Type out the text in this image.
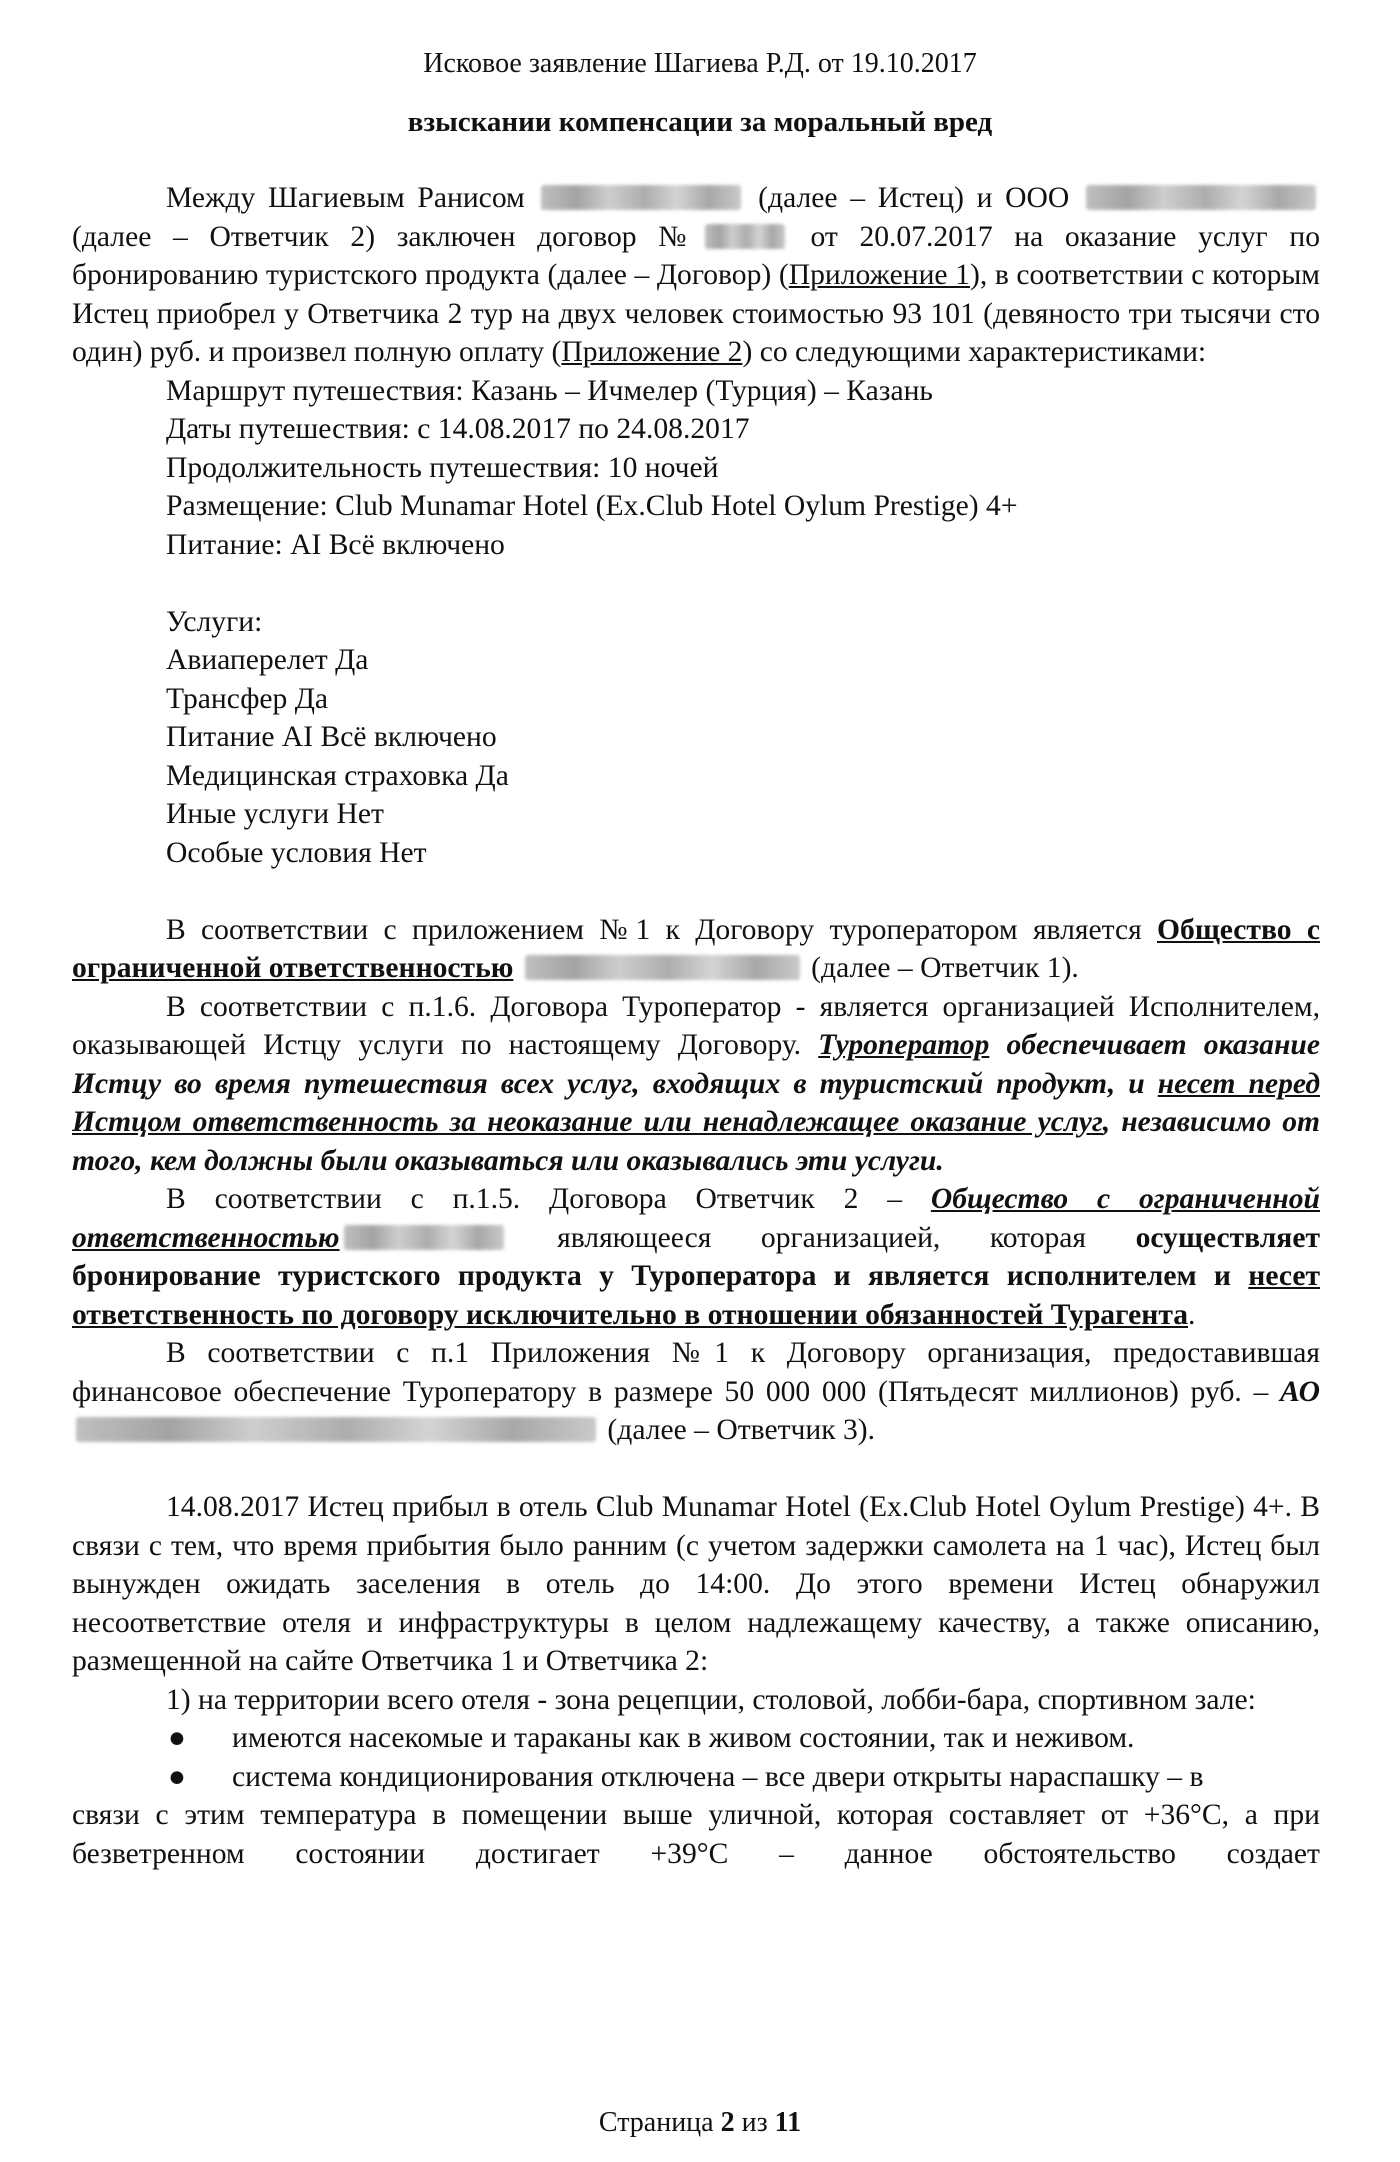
Исковое заявление Шагиева Р.Д. от 19.10.2017
взыскании компенсации за моральный вред

Между Шагиевым Ранисом	(далее – Истец) и ООО  (далее – Ответчик 2) заключен договор №	от 20.07.2017 на оказание услуг по бронированию туристского продукта (далее – Договор) (Приложение 1), в соответствии с которым Истец приобрел у Ответчика 2 тур на двух человек стоимостью 93 101 (девяносто три тысячи сто один) руб. и произвел полную оплату (Приложение 2) со следующими характеристиками:

Маршрут путешествия: Казань – Ичмелер (Турция) – Казань

Даты путешествия: с 14.08.2017 по 24.08.2017

Продолжительность путешествия: 10 ночей

Размещение: Club Munamar Hotel (Ex.Club Hotel Oylum Prestige) 4+

Питание: AI Всё включено

Услуги:

Авиаперелет Да

Трансфер Да

Питание AI Всё включено

Медицинская страховка Да

Иные услуги Нет

Особые условия Нет

В соответствии с приложением №1 к Договору туроператором является Общество с ограниченной ответственностью	(далее – Ответчик 1).

В соответствии с п.1.6. Договора Туроператор - является организацией Исполнителем, оказывающей Истцу услуги по настоящему Договору. Туроператор обеспечивает оказание Истцу во время путешествия всех услуг, входящих в туристский продукт, и несет перед Истцом ответственность за неоказание или ненадлежащее оказание услуг, независимо от того, кем должны были оказываться или оказывались эти услуги.

В соответствии с п.1.5. Договора Ответчик 2 – Общество с ограниченной ответственностью	являющееся организацией, которая осуществляет бронирование туристского продукта у Туроператора и является исполнителем и несет ответственность по договору исключительно в отношении обязанностей Турагента.

В соответствии с п.1 Приложения №1 к Договору организация, предоставившая финансовое обеспечение Туроператору в размере 50 000 000 (Пятьдесят миллионов) руб. – АО  (далее – Ответчик 3).

14.08.2017 Истец прибыл в отель Club Munamar Hotel (Ex.Club Hotel Oylum Prestige) 4+. В связи с тем, что время прибытия было ранним (с учетом задержки самолета на 1 час), Истец был вынужден ожидать заселения в отель до 14:00. До этого времени Истец обнаружил несоответствие отеля и инфраструктуры в целом надлежащему качеству, а также описанию, размещенной на сайте Ответчика 1 и Ответчика 2:

1) на территории всего отеля - зона рецепции, столовой, лобби-бара, спортивном зале:

●	имеются насекомые и тараканы как в живом состоянии, так и неживом.

●	система кондиционирования отключена – все двери открыты нараспашку – в

связи с этим температура в помещении выше уличной, которая составляет от +36°С, а при безветренном состоянии достигает +39°С – данное обстоятельство создает

Страница 2 из 11
